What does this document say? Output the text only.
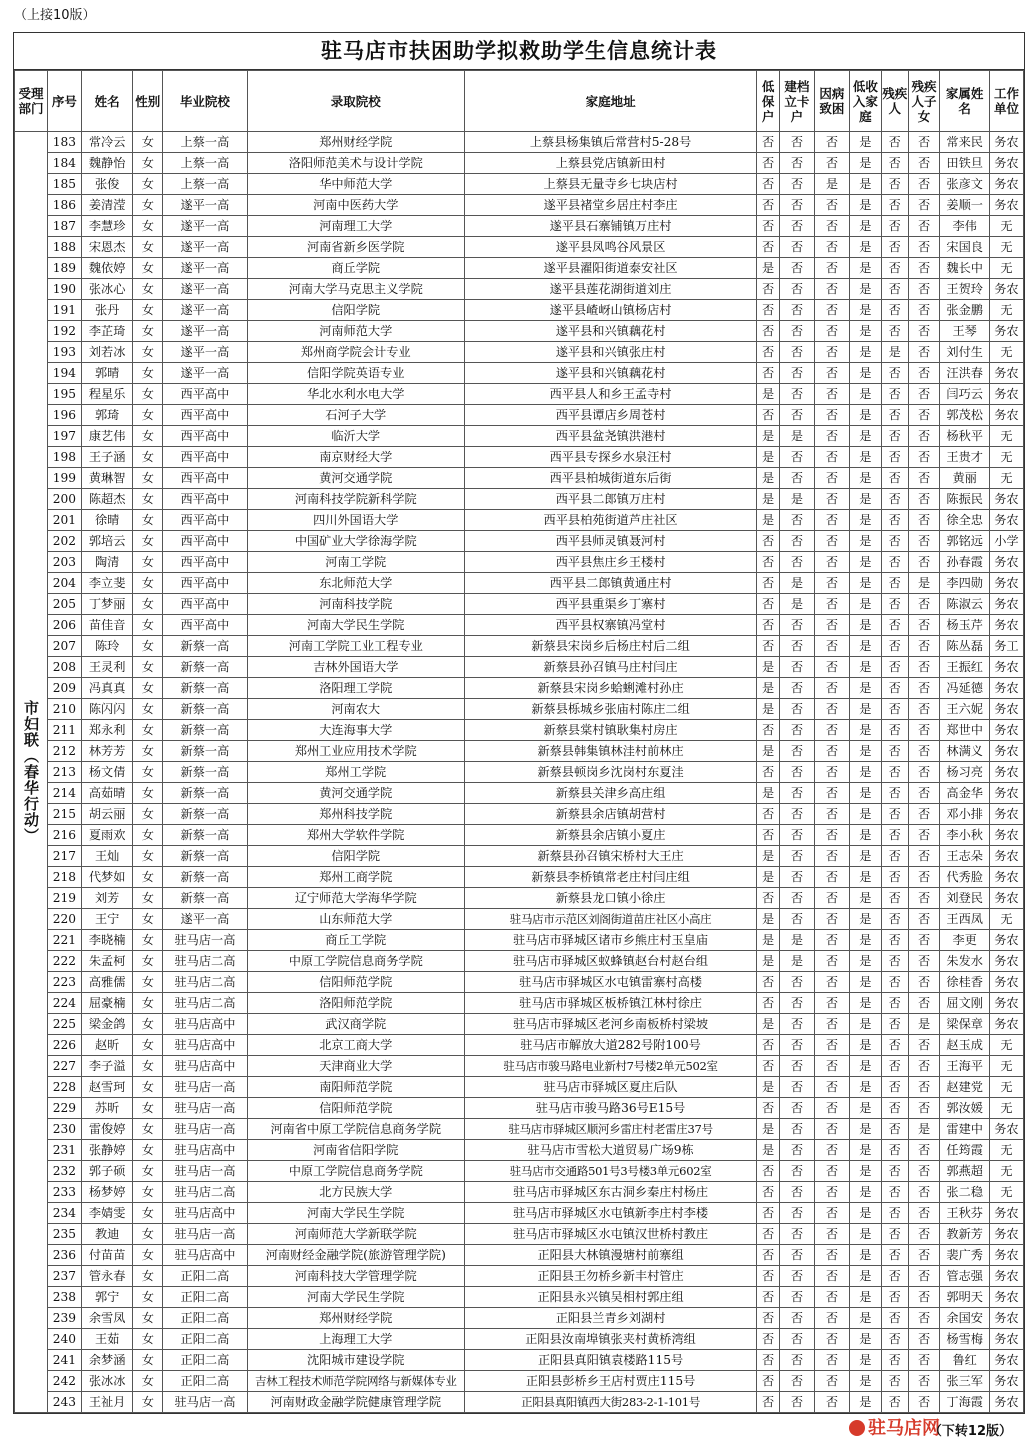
（上接10版）
驻马店市扶困助学拟救助学生信息统计表
受理部门	序号	姓名	性别	毕业院校	录取院校	家庭地址	低保户	建档立卡户	因病致困	低收入家庭	残疾人	残疾人子女	家属姓名	工作单位
市妇联（春华行动）	183	常冷云	女	上蔡一高	郑州财经学院	上蔡县杨集镇后常营村5-28号	否	否	否	是	否	否	常来民	务农
	184	魏静怡	女	上蔡一高	洛阳师范美术与设计学院	上蔡县党店镇新田村	否	否	否	是	否	否	田铁旦	务农
	185	张俊	女	上蔡一高	华中师范大学	上蔡县无量寺乡七块店村	否	否	是	是	否	否	张彦文	务农
	186	姜清滢	女	遂平一高	河南中医药大学	遂平县褚堂乡居庄村李庄	否	否	否	是	否	否	姜顺一	务农
	187	李慧珍	女	遂平一高	河南理工大学	遂平县石寨铺镇万庄村	否	否	否	是	否	否	李伟	无
	188	宋恩杰	女	遂平一高	河南省新乡医学院	遂平县凤鸣谷风景区	否	否	否	是	否	否	宋国良	无
	189	魏依婷	女	遂平一高	商丘学院	遂平县濯阳街道泰安社区	是	否	否	是	否	否	魏长中	无
	190	张冰心	女	遂平一高	河南大学马克思主义学院	遂平县莲花湖街道刘庄	否	否	否	是	否	否	王贺玲	务农
	191	张丹	女	遂平一高	信阳学院	遂平县嵖岈山镇杨店村	否	否	否	是	否	否	张金鹏	无
	192	李芷琦	女	遂平一高	河南师范大学	遂平县和兴镇藕花村	否	否	否	是	否	否	王琴	务农
	193	刘若冰	女	遂平一高	郑州商学院会计专业	遂平县和兴镇张庄村	否	否	否	是	是	否	刘付生	无
	194	郭晴	女	遂平一高	信阳学院英语专业	遂平县和兴镇藕花村	否	否	否	是	否	否	汪洪春	务农
	195	程星乐	女	西平高中	华北水利水电大学	西平县人和乡王孟寺村	是	否	否	是	否	否	闫巧云	务农
	196	郭琦	女	西平高中	石河子大学	西平县谭店乡周苍村	否	否	否	是	否	否	郭茂松	务农
	197	康艺伟	女	西平高中	临沂大学	西平县盆尧镇洪港村	是	是	否	是	否	否	杨秋平	无
	198	王子涵	女	西平高中	南京财经大学	西平县专探乡水泉汪村	是	否	否	是	否	否	王贵才	无
	199	黄琳智	女	西平高中	黄河交通学院	西平县柏城街道东后街	是	否	否	是	否	否	黄丽	无
	200	陈超杰	女	西平高中	河南科技学院新科学院	西平县二郎镇万庄村	是	是	否	是	否	否	陈振民	务农
	201	徐晴	女	西平高中	四川外国语大学	西平县柏苑街道芦庄社区	是	否	否	是	否	否	徐全忠	务农
	202	郭培云	女	西平高中	中国矿业大学徐海学院	西平县师灵镇聂河村	否	否	否	是	否	否	郭铭远	小学
	203	陶清	女	西平高中	河南工学院	西平县焦庄乡王楼村	否	否	否	是	否	否	孙春霞	务农
	204	李立斐	女	西平高中	东北师范大学	西平县二郎镇黄通庄村	否	是	否	是	否	是	李四勋	务农
	205	丁梦丽	女	西平高中	河南科技学院	西平县重渠乡丁寨村	否	是	否	是	否	否	陈淑云	务农
	206	苗佳音	女	西平高中	河南大学民生学院	西平县权寨镇冯堂村	否	否	否	是	否	否	杨玉芹	务农
	207	陈玲	女	新蔡一高	河南工学院工业工程专业	新蔡县宋岗乡后杨庄村后二组	否	否	否	是	否	否	陈丛磊	务工
	208	王灵利	女	新蔡一高	吉林外国语大学	新蔡县孙召镇马庄村闫庄	是	否	否	是	否	否	王振红	务农
	209	冯真真	女	新蔡一高	洛阳理工学院	新蔡县宋岗乡蛤蜊滩村孙庄	是	否	否	是	否	否	冯延德	务农
	210	陈闪闪	女	新蔡一高	河南农大	新蔡县栎城乡张庙村陈庄二组	是	否	否	是	否	否	王六妮	务农
	211	郑永利	女	新蔡一高	大连海事大学	新蔡县棠村镇耿集村房庄	否	否	否	是	否	否	郑世中	务农
	212	林芳芳	女	新蔡一高	郑州工业应用技术学院	新蔡县韩集镇林洼村前林庄	是	否	否	是	否	否	林满义	务农
	213	杨文倩	女	新蔡一高	郑州工学院	新蔡县顿岗乡沈岗村东夏洼	否	否	否	是	否	否	杨习亮	务农
	214	高茹晴	女	新蔡一高	黄河交通学院	新蔡县关津乡高庄组	是	否	否	是	否	否	高金华	务农
	215	胡云丽	女	新蔡一高	郑州科技学院	新蔡县余店镇胡营村	否	否	否	是	否	否	邓小排	务农
	216	夏雨欢	女	新蔡一高	郑州大学软件学院	新蔡县余店镇小夏庄	否	否	否	是	否	否	李小秋	务农
	217	王灿	女	新蔡一高	信阳学院	新蔡县孙召镇宋桥村大王庄	是	否	否	是	否	否	王志朵	务农
	218	代梦如	女	新蔡一高	郑州工商学院	新蔡县李桥镇常老庄村闫庄组	是	否	否	是	否	否	代秀脸	务农
	219	刘芳	女	新蔡一高	辽宁师范大学海华学院	新蔡县龙口镇小徐庄	否	否	否	是	否	否	刘登民	务农
	220	王宁	女	遂平一高	山东师范大学	驻马店市示范区刘阁街道苗庄社区小高庄	是	否	否	是	否	否	王西凤	无
	221	李晓楠	女	驻马店一高	商丘工学院	驻马店市驿城区诸市乡熊庄村玉皇庙	是	是	否	是	否	否	李更	务农
	222	朱孟柯	女	驻马店二高	中原工学院信息商务学院	驻马店市驿城区蚁蜂镇赵台村赵台组	是	是	否	是	否	否	朱发水	务农
	223	高雅儒	女	驻马店二高	信阳师范学院	驻马店市驿城区水屯镇雷寨村高楼	否	否	否	是	否	否	徐桂香	务农
	224	屈豪楠	女	驻马店二高	洛阳师范学院	驻马店市驿城区板桥镇江林村徐庄	否	否	否	是	否	否	屈文刚	务农
	225	梁金鸽	女	驻马店高中	武汉商学院	驻马店市驿城区老河乡南板桥村梁坡	是	否	否	是	否	是	梁保章	务农
	226	赵昕	女	驻马店高中	北京工商大学	驻马店市解放大道282号附100号	否	否	否	是	否	否	赵玉成	无
	227	李子溢	女	驻马店高中	天津商业大学	驻马店市骏马路电业新村7号楼2单元502室	否	否	否	是	否	否	王海平	无
	228	赵雪珂	女	驻马店一高	南阳师范学院	驻马店市驿城区夏庄后队	是	否	否	是	否	否	赵建党	无
	229	苏昕	女	驻马店一高	信阳师范学院	驻马店市骏马路36号E15号	否	否	否	是	否	否	郭汝媛	无
	230	雷俊婷	女	驻马店一高	河南省中原工学院信息商务学院	驻马店市驿城区顺河乡雷庄村老雷庄37号	是	否	否	是	否	是	雷建中	务农
	231	张静婷	女	驻马店高中	河南省信阳学院	驻马店市雪松大道贸易广场9栋	是	否	否	是	否	否	任筠霞	无
	232	郭子硕	女	驻马店一高	中原工学院信息商务学院	驻马店市交通路501号3号楼3单元602室	否	否	否	是	否	否	郭燕超	无
	233	杨梦婷	女	驻马店二高	北方民族大学	驻马店市驿城区东古洞乡秦庄村杨庄	否	否	否	是	否	否	张二稳	无
	234	李婧雯	女	驻马店高中	河南大学民生学院	驻马店市驿城区水屯镇新李庄村李楼	否	否	否	是	否	否	王秋芬	务农
	235	教迪	女	驻马店一高	河南师范大学新联学院	驻马店市驿城区水屯镇汉世桥村教庄	否	否	否	是	否	否	教新芳	务农
	236	付苗苗	女	驻马店高中	河南财经金融学院(旅游管理学院)	正阳县大林镇漫塘村前寨组	否	否	否	是	否	否	裴广秀	务农
	237	管永春	女	正阳二高	河南科技大学管理学院	正阳县王勿桥乡新丰村管庄	否	否	否	是	否	否	管志强	务农
	238	郭宁	女	正阳二高	河南大学民生学院	正阳县永兴镇吴相村郭庄组	否	否	否	是	否	否	郭明天	务农
	239	余雪凤	女	正阳二高	郑州财经学院	正阳县兰青乡刘湖村	否	否	否	是	否	否	余国安	务农
	240	王茹	女	正阳二高	上海理工大学	正阳县汝南埠镇张夹村黄桥湾组	否	否	否	是	否	否	杨雪梅	务农
	241	余梦涵	女	正阳二高	沈阳城市建设学院	正阳县真阳镇袁楼路115号	否	否	否	是	否	否	鲁红	务农
	242	张冰冰	女	正阳二高	吉林工程技术师范学院网络与新媒体专业	正阳县彭桥乡王店村贾庄115号	否	否	否	是	否	否	张三军	务农
	243	王祉月	女	驻马店一高	河南财政金融学院健康管理学院	正阳县真阳镇西大街283-2-1-101号	否	否	否	是	否	否	丁海霞	务农
驻马店网
（下转12版）
